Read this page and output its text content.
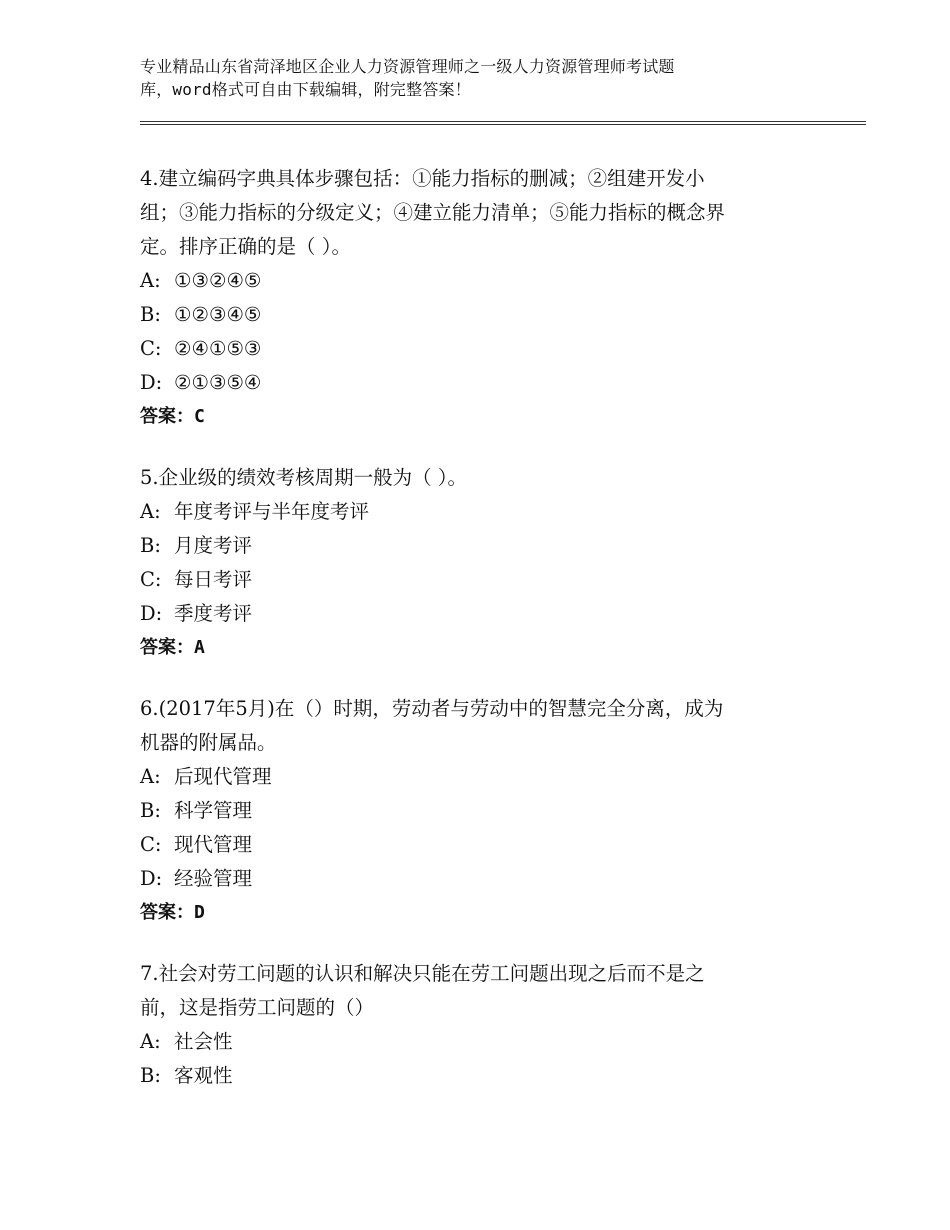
专业精品山东省菏泽地区企业人力资源管理师之一级人力资源管理师考试题
库，word格式可自由下载编辑，附完整答案！
4.建立编码字典具体步骤包括：①能力指标的删减；②组建开发小
组；③能力指标的分级定义；④建立能力清单；⑤能力指标的概念界
定。排序正确的是（ ）。
A: ①③②④⑤
B: ①②③④⑤
C: ②④①⑤③
D: ②①③⑤④
答案：C
5.企业级的绩效考核周期一般为（ ）。
A: 年度考评与半年度考评
B: 月度考评
C: 每日考评
D: 季度考评
答案：A
6.(2017年5月)在（）时期，劳动者与劳动中的智慧完全分离，成为
机器的附属品。
A: 后现代管理
B: 科学管理
C: 现代管理
D: 经验管理
答案：D
7.社会对劳工问题的认识和解决只能在劳工问题出现之后而不是之
前，这是指劳工问题的（）
A: 社会性
B: 客观性
